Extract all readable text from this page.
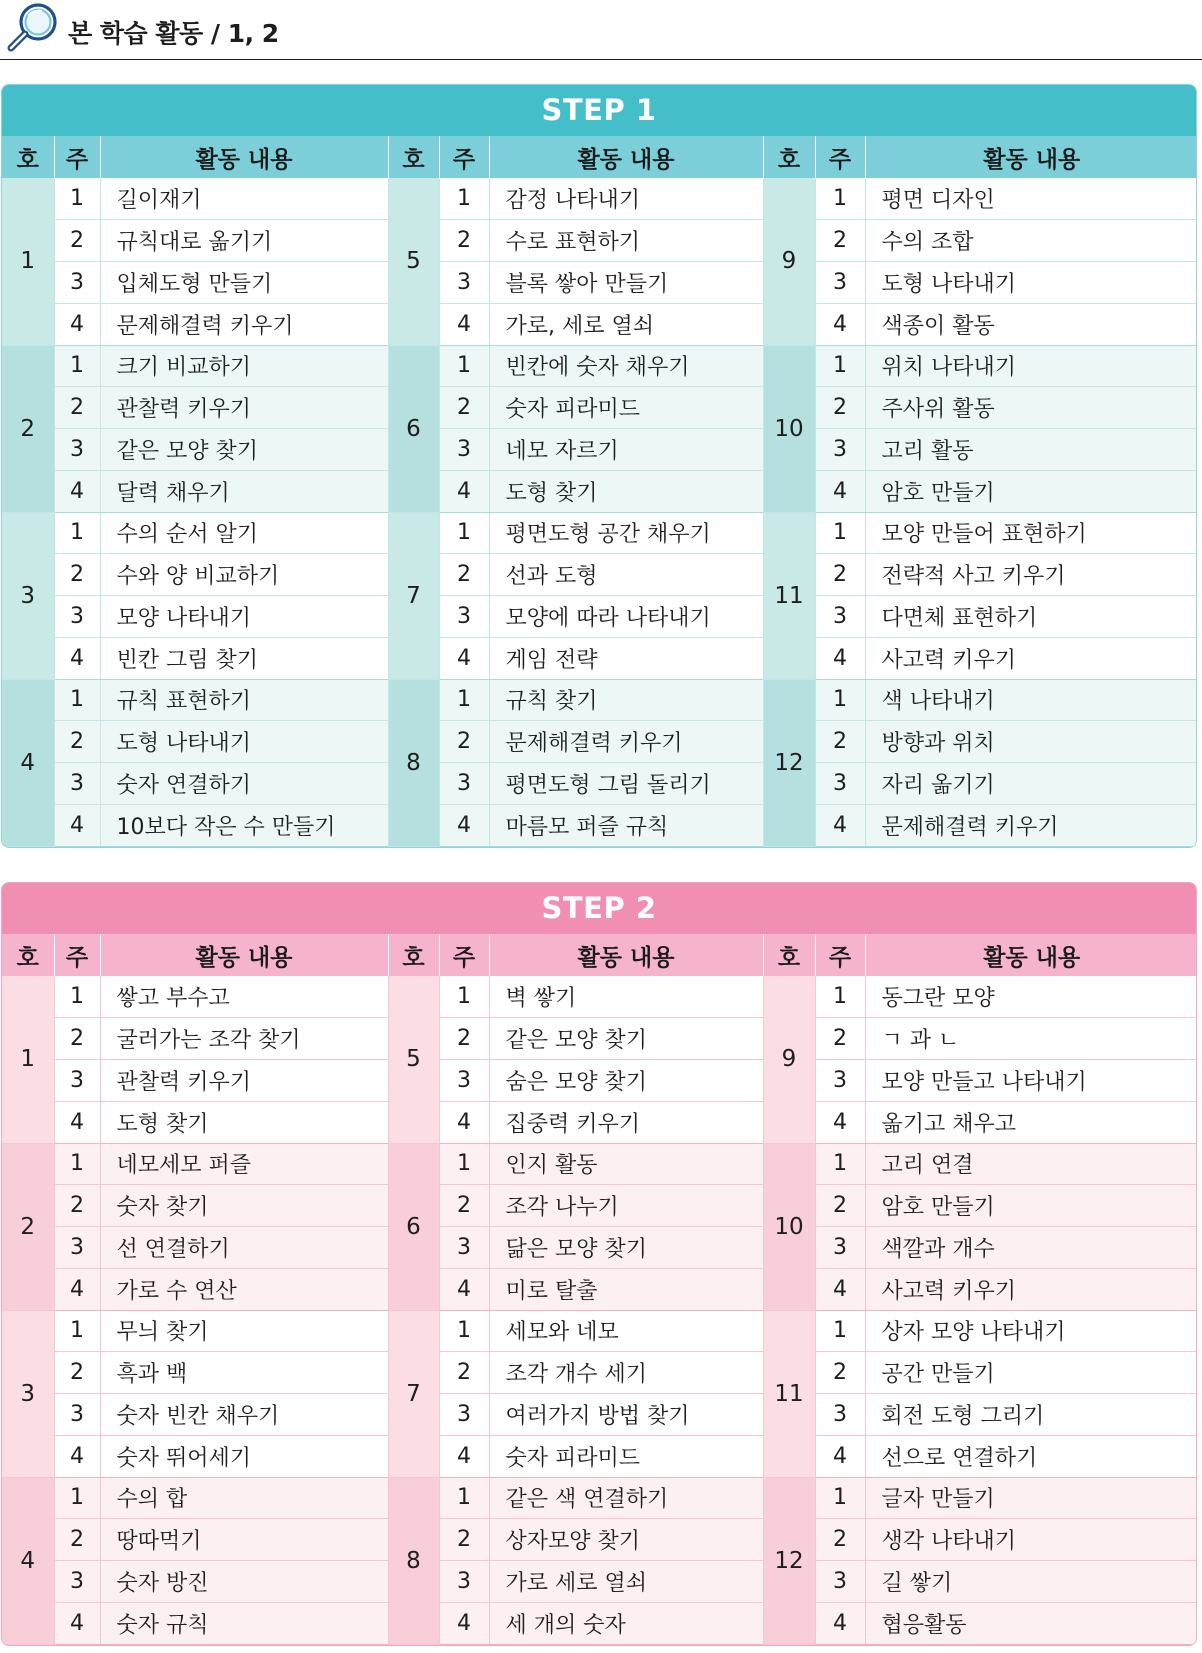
본 학습 활동 / 1, 2
STEP 1
호	주	활동 내용	호	주	활동 내용	호	주	활동 내용
1	1	길이재기	5	1	감정 나타내기	9	1	평면 디자인
	2	규칙대로 옮기기		2	수로 표현하기		2	수의 조합
	3	입체도형 만들기		3	블록 쌓아 만들기		3	도형 나타내기
	4	문제해결력 키우기		4	가로, 세로 열쇠		4	색종이 활동
2	1	크기 비교하기	6	1	빈칸에 숫자 채우기	10	1	위치 나타내기
	2	관찰력 키우기		2	숫자 피라미드		2	주사위 활동
	3	같은 모양 찾기		3	네모 자르기		3	고리 활동
	4	달력 채우기		4	도형 찾기		4	암호 만들기
3	1	수의 순서 알기	7	1	평면도형 공간 채우기	11	1	모양 만들어 표현하기
	2	수와 양 비교하기		2	선과 도형		2	전략적 사고 키우기
	3	모양 나타내기		3	모양에 따라 나타내기		3	다면체 표현하기
	4	빈칸 그림 찾기		4	게임 전략		4	사고력 키우기
4	1	규칙 표현하기	8	1	규칙 찾기	12	1	색 나타내기
	2	도형 나타내기		2	문제해결력 키우기		2	방향과 위치
	3	숫자 연결하기		3	평면도형 그림 돌리기		3	자리 옮기기
	4	10보다 작은 수 만들기		4	마름모 퍼즐 규칙		4	문제해결력 키우기
STEP 2
호	주	활동 내용	호	주	활동 내용	호	주	활동 내용
1	1	쌓고 부수고	5	1	벽 쌓기	9	1	동그란 모양
	2	굴러가는 조각 찾기		2	같은 모양 찾기		2	ㄱ 과 ㄴ
	3	관찰력 키우기		3	숨은 모양 찾기		3	모양 만들고 나타내기
	4	도형 찾기		4	집중력 키우기		4	옮기고 채우고
2	1	네모세모 퍼즐	6	1	인지 활동	10	1	고리 연결
	2	숫자 찾기		2	조각 나누기		2	암호 만들기
	3	선 연결하기		3	닮은 모양 찾기		3	색깔과 개수
	4	가로 수 연산		4	미로 탈출		4	사고력 키우기
3	1	무늬 찾기	7	1	세모와 네모	11	1	상자 모양 나타내기
	2	흑과 백		2	조각 개수 세기		2	공간 만들기
	3	숫자 빈칸 채우기		3	여러가지 방법 찾기		3	회전 도형 그리기
	4	숫자 뛰어세기		4	숫자 피라미드		4	선으로 연결하기
4	1	수의 합	8	1	같은 색 연결하기	12	1	글자 만들기
	2	땅따먹기		2	상자모양 찾기		2	생각 나타내기
	3	숫자 방진		3	가로 세로 열쇠		3	길 쌓기
	4	숫자 규칙		4	세 개의 숫자		4	협응활동
